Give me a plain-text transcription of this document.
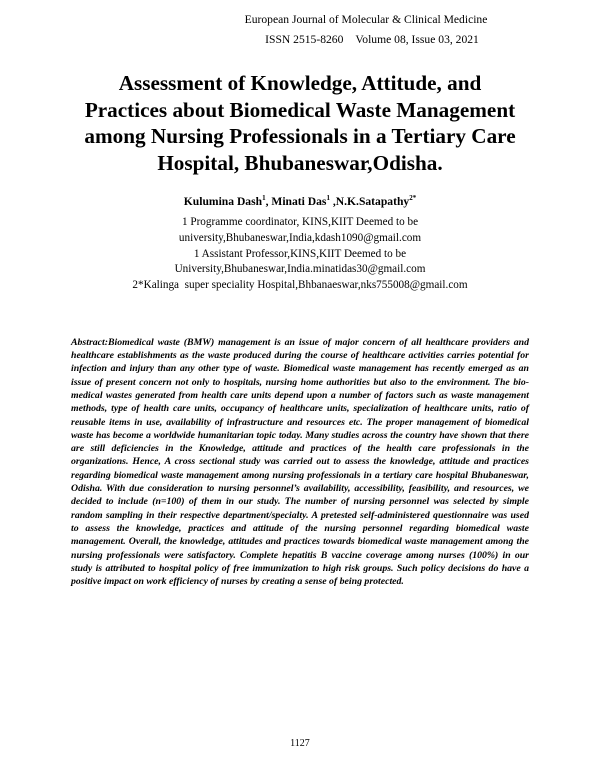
European Journal of Molecular & Clinical Medicine
ISSN 2515-8260 Volume 08, Issue 03, 2021
Assessment of Knowledge, Attitude, and
Practices about Biomedical Waste Management
among Nursing Professionals in a Tertiary Care
Hospital, Bhubaneswar,Odisha.
Kulumina Dash$^1$, Minati Das$^1$ ,N.K.Satapathy$^{2*}$
1 Programme coordinator, KINS,KIIT Deemed to be
university,Bhubaneswar,India,kdash1090@gmail.com
1 Assistant Professor,KINS,KIIT Deemed to be
University,Bhubaneswar,India.minatidas30@gmail.com
2*Kalinga  super speciality Hospital,Bhbanaeswar,nks755008@gmail.com

Abstract:Biomedical waste (BMW) management is an issue of major concern of all healthcare providers and healthcare establishments as the waste produced during the course of healthcare activities carries potential for infection and injury than any other type of waste. Biomedical waste management has recently emerged as an issue of present concern not only to hospitals, nursing home authorities but also to the environment. The bio-medical wastes generated from health care units depend upon a number of factors such as waste management methods, type of health care units, occupancy of healthcare units, specialization of healthcare units, ratio of reusable items in use, availability of infrastructure and resources etc. The proper management of biomedical waste has become a worldwide humanitarian topic today. Many studies across the country have shown that there are still deficiencies in the Knowledge, attitude and practices of the health care professionals in the organizations. Hence, A cross sectional study was carried out to assess the knowledge, attitude and practices regarding biomedical waste management among nursing professionals in a tertiary care hospital Bhubaneswar, Odisha. With due consideration to nursing personnel’s availability, accessibility, feasibility, and resources, we decided to include (n=100) of them in our study. The number of nursing personnel was selected by simple random sampling in their respective department/specialty. A pretested self-administered questionnaire was used to assess the knowledge, practices and attitude of the nursing personnel regarding biomedical waste management. Overall, the knowledge, attitudes and practices towards biomedical waste management among the nursing professionals were satisfactory. Complete hepatitis B vaccine coverage among nurses (100%) in our study is attributed to hospital policy of free immunization to high risk groups. Such policy decisions do have a positive impact on work efficiency of nurses by creating a sense of being protected.

1127
